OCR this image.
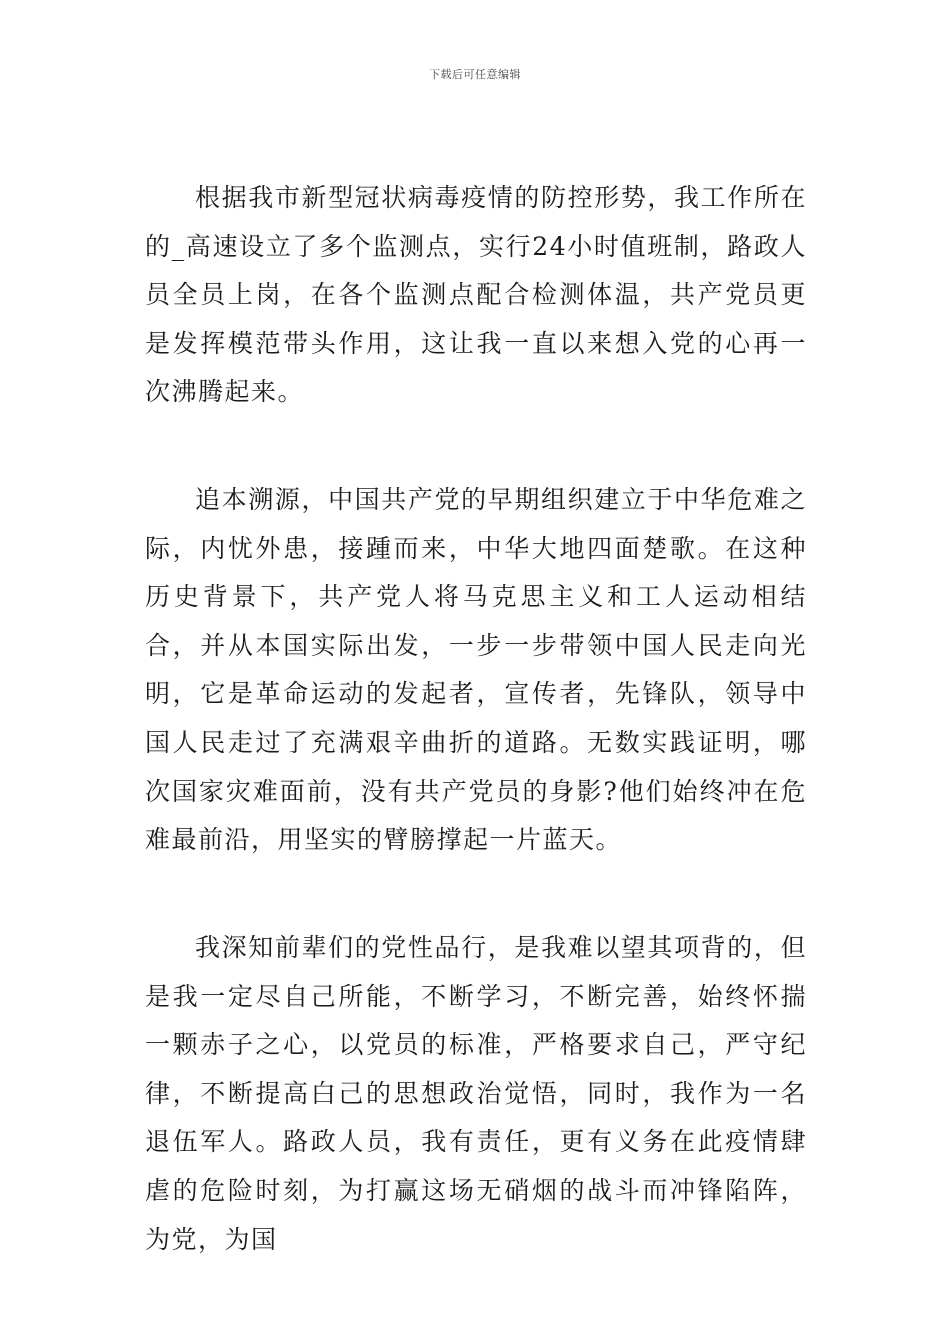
下载后可任意编辑

根据我市新型冠状病毒疫情的防控形势，我工作所在的_高速设立了多个监测点，实行24小时值班制，路政人员全员上岗，在各个监测点配合检测体温，共产党员更是发挥模范带头作用，这让我一直以来想入党的心再一次沸腾起来。

追本溯源，中国共产党的早期组织建立于中华危难之际，内忧外患，接踵而来，中华大地四面楚歌。在这种历史背景下，共产党人将马克思主义和工人运动相结合，并从本国实际出发，一步一步带领中国人民走向光明，它是革命运动的发起者，宣传者，先锋队，领导中国人民走过了充满艰辛曲折的道路。无数实践证明，哪次国家灾难面前，没有共产党员的身影?他们始终冲在危难最前沿，用坚实的臂膀撑起一片蓝天。

我深知前辈们的党性品行，是我难以望其项背的，但是我一定尽自己所能，不断学习，不断完善，始终怀揣一颗赤子之心，以党员的标准，严格要求自己，严守纪律，不断提高白己的思想政治觉悟，同时，我作为一名退伍军人。路政人员，我有责任，更有义务在此疫情肆虐的危险时刻，为打赢这场无硝烟的战斗而冲锋陷阵，为党，为国
